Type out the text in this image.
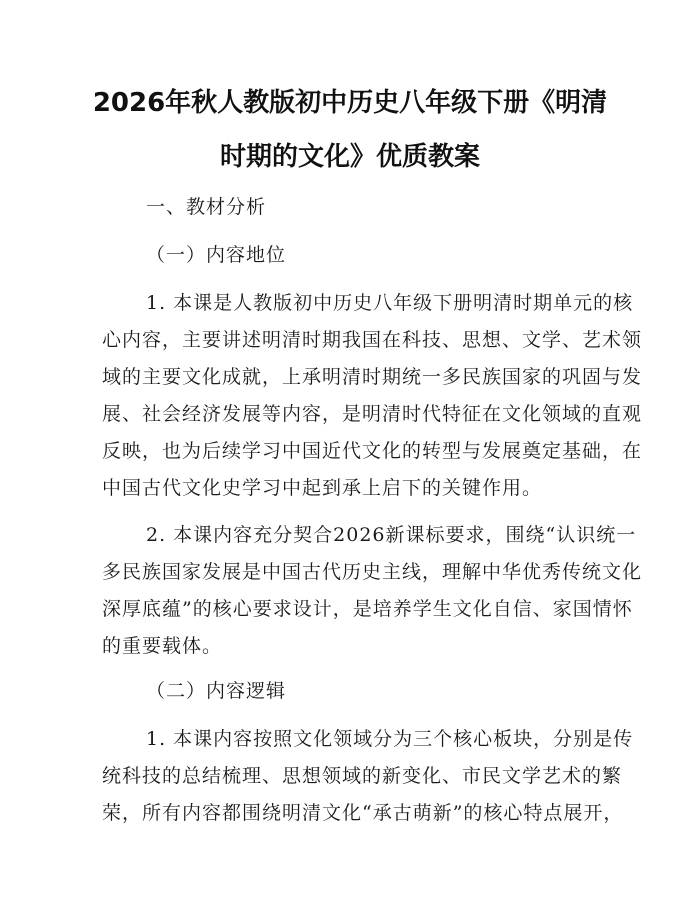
2026年秋人教版初中历史八年级下册《明清
时期的文化》优质教案
一、教材分析
（一）内容地位
1. 本课是人教版初中历史八年级下册明清时期单元的核
心内容，主要讲述明清时期我国在科技、思想、文学、艺术领
域的主要文化成就，上承明清时期统一多民族国家的巩固与发
展、社会经济发展等内容，是明清时代特征在文化领域的直观
反映，也为后续学习中国近代文化的转型与发展奠定基础，在
中国古代文化史学习中起到承上启下的关键作用。
2. 本课内容充分契合2026新课标要求，围绕“认识统一
多民族国家发展是中国古代历史主线，理解中华优秀传统文化
深厚底蕴”的核心要求设计，是培养学生文化自信、家国情怀
的重要载体。
（二）内容逻辑
1. 本课内容按照文化领域分为三个核心板块，分别是传
统科技的总结梳理、思想领域的新变化、市民文学艺术的繁
荣，所有内容都围绕明清文化“承古萌新”的核心特点展开，
